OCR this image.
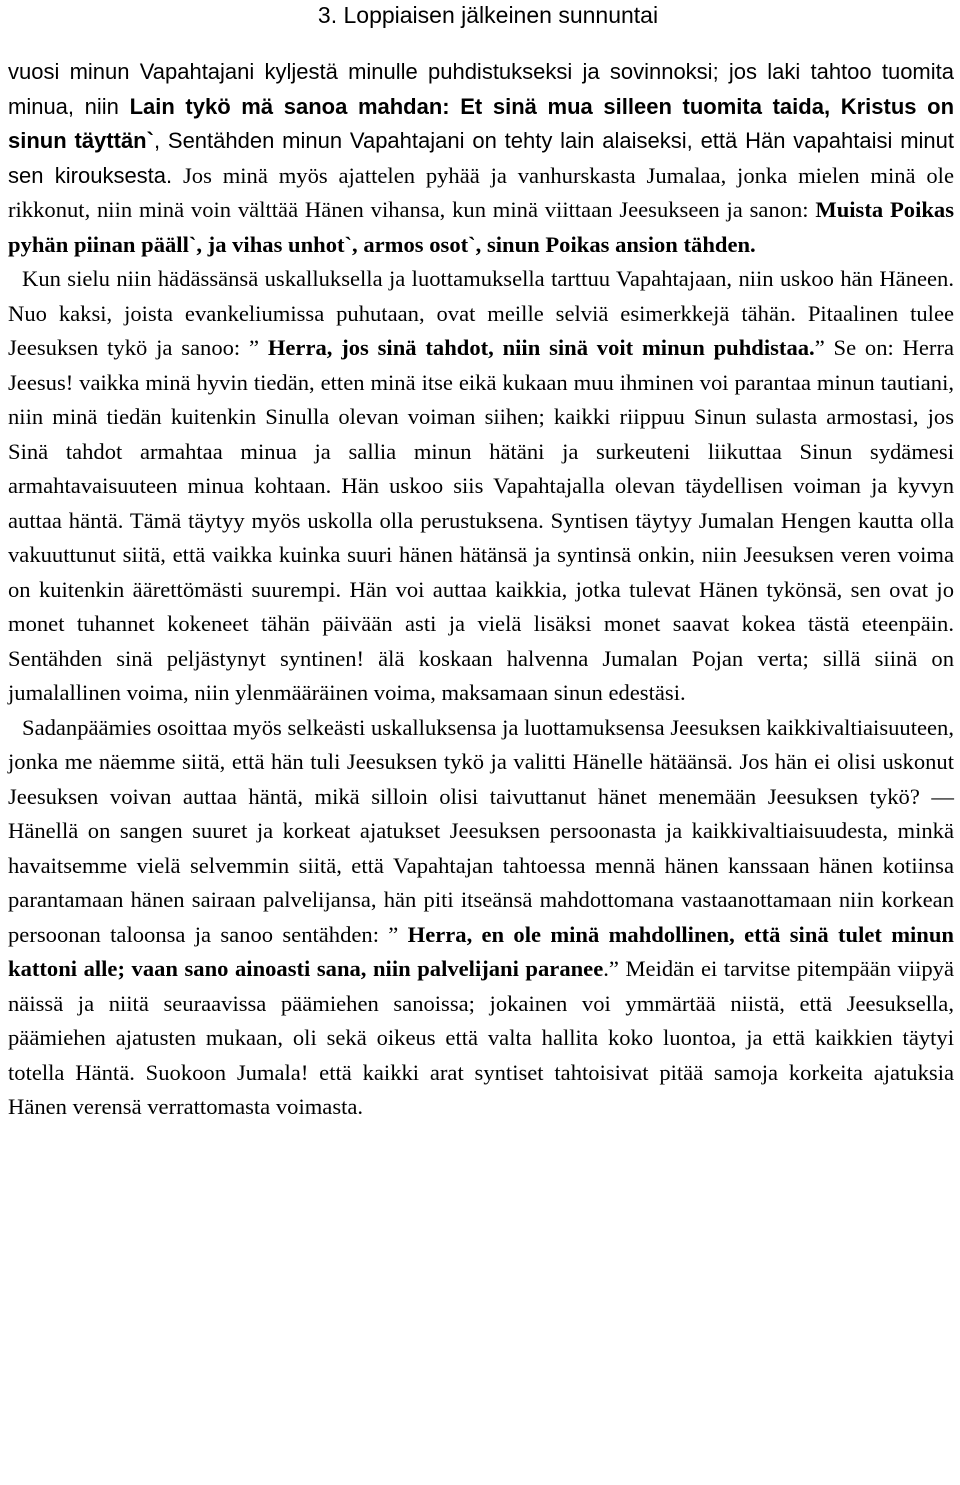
3. Loppiaisen jälkeinen sunnuntai

vuosi minun Vapahtajani kyljestä minulle puhdistukseksi ja sovinnoksi; jos laki tahtoo tuomita minua, niin Lain tykö mä sanoa mahdan: Et sinä mua silleen tuomita taida, Kristus on sinun täyttän`, Sentähden minun Vapahtajani on tehty lain alaiseksi, että Hän vapahtaisi minut sen kirouksesta. Jos minä myös ajattelen pyhää ja vanhurskasta Jumalaa, jonka mielen minä ole rikkonut, niin minä voin välttää Hänen vihansa, kun minä viittaan Jeesukseen ja sanon: Muista Poikas pyhän piinan pääll`, ja vihas unhot`, armos osot`, sinun Poikas ansion tähden.

Kun sielu niin hädässänsä uskalluksella ja luottamuksella tarttuu Vapahtajaan, niin uskoo hän Häneen. Nuo kaksi, joista evankeliumissa puhutaan, ovat meille selviä esimerkkejä tähän. Pitaalinen tulee Jeesuksen tykö ja sanoo: ” Herra, jos sinä tahdot, niin sinä voit minun puhdistaa.” Se on: Herra Jeesus! vaikka minä hyvin tiedän, etten minä itse eikä kukaan muu ihminen voi parantaa minun tautiani, niin minä tiedän kuitenkin Sinulla olevan voiman siihen; kaikki riippuu Sinun sulasta armostasi, jos Sinä tahdot armahtaa minua ja sallia minun hätäni ja surkeuteni liikuttaa Sinun sydämesi armahtavaisuuteen minua kohtaan. Hän uskoo siis Vapahtajalla olevan täydellisen voiman ja kyvyn auttaa häntä. Tämä täytyy myös uskolla olla perustuksena. Syntisen täytyy Jumalan Hengen kautta olla vakuuttunut siitä, että vaikka kuinka suuri hänen hätänsä ja syntinsä onkin, niin Jeesuksen veren voima on kuitenkin äärettömästi suurempi. Hän voi auttaa kaikkia, jotka tulevat Hänen tykönsä, sen ovat jo monet tuhannet kokeneet tähän päivään asti ja vielä lisäksi monet saavat kokea tästä eteenpäin. Sentähden sinä peljästynyt syntinen! älä koskaan halvenna Jumalan Pojan verta; sillä siinä on jumalallinen voima, niin ylenmääräinen voima, maksamaan sinun edestäsi.

Sadanpäämies osoittaa myös selkeästi uskalluksensa ja luottamuksensa Jeesuksen kaikkivaltiaisuuteen, jonka me näemme siitä, että hän tuli Jeesuksen tykö ja valitti Hänelle hätäänsä. Jos hän ei olisi uskonut Jeesuksen voivan auttaa häntä, mikä silloin olisi taivuttanut hänet menemään Jeesuksen tykö? — Hänellä on sangen suuret ja korkeat ajatukset Jeesuksen persoonasta ja kaikkivaltiaisuudesta, minkä havaitsemme vielä selvemmin siitä, että Vapahtajan tahtoessa mennä hänen kanssaan hänen kotiinsa parantamaan hänen sairaan palvelijansa, hän piti itseänsä mahdottomana vastaanottamaan niin korkean persoonan taloonsa ja sanoo sentähden: ” Herra, en ole minä mahdollinen, että sinä tulet minun kattoni alle; vaan sano ainoasti sana, niin palvelijani paranee.” Meidän ei tarvitse pitempään viipyä näissä ja niitä seuraavissa päämiehen sanoissa; jokainen voi ymmärtää niistä, että Jeesuksella, päämiehen ajatusten mukaan, oli sekä oikeus että valta hallita koko luontoa, ja että kaikkien täytyi totella Häntä. Suokoon Jumala! että kaikki arat syntiset tahtoisivat pitää samoja korkeita ajatuksia Hänen verensä verrattomasta voimasta.
